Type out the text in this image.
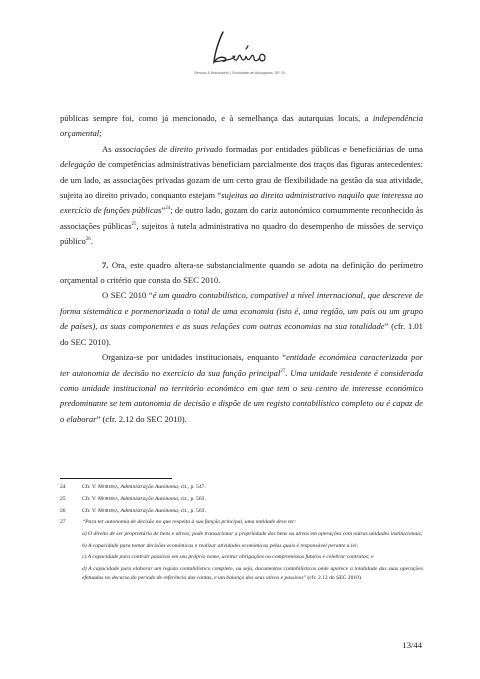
Sérvulo & Associados | Sociedade de Advogados, SP, RL

públicas sempre foi, como já mencionado, e à semelhança das autarquias locais, a independência orçamental;

As associações de direito privado formadas por entidades públicas e beneficiárias de uma delegação de competências administrativas beneficiam parcialmente dos traços das figuras antecedentes: de um lado, as associações privadas gozam de um certo grau de flexibilidade na gestão da sua atividade, sujeita ao direito privado, conquanto estejam “sujeitas ao direito administrativo naquilo que interessa ao exercício de funções públicas”$^{24}$; de outro lado, gozam do cariz autonómico comummente reconhecido às associações públicas$^{25}$, sujeitos à tutela administrativa no quadro do desempenho de missões de serviço público$^{26}$.

7. Ora, este quadro altera-se substancialmente quando se adota na definição do perímetro orçamental o critério que consta do SEC 2010.

O SEC 2010 “é um quadro contabilístico, compatível a nível internacional, que descreve de forma sistemática e pormenorizada o total de uma economia (isto é, uma região, um país ou um grupo de países), as suas componentes e as suas relações com outras economias na sua totalidade” (cfr. 1.01 do SEC 2010).

Organiza-se por unidades institucionais, enquanto “entidade económica caracterizada por ter autonomia de decisão no exercício da sua função principal$^{27}$. Uma unidade residente é considerada como unidade institucional no território económico em que tem o seu centro de interesse económico predominante se tem autonomia de decisão e dispõe de um registo contabilístico completo ou é capaz de o elaborar” (cfr. 2.12 do SEC 2010).

24	Cfr. V. Moreira, Administração Autónoma, cit., p. 547.
25	Cfr. V. Moreira, Administração Autónoma, cit., p. 563.
26	Cfr. V. Moreira, Administração Autónoma, cit., p. 563.
27	“Para ter autonomia de decisão no que respeita à sua função principal, uma entidade deve ter:
a) O direito de ser proprietária de bens e ativos; pode transacionar a propriedade dos bens ou ativos em operações com outras unidades institucionais;
b) A capacidade para tomar decisões económicas e realizar atividades económicas pelas quais é responsável perante a lei;
c) A capacidade para contrair passivos em seu próprio nome, aceitar obrigações ou compromissos futuros e celebrar contratos; e
d) A capacidade para elaborar um registo contabilístico completo, ou seja, documentos contabilísticos onde aparece a totalidade das suas operações efetuadas no decurso do período de referência das contas, e um balanço dos seus ativos e passivos” (cfr. 2.12 do SEC 2010).
13/44
